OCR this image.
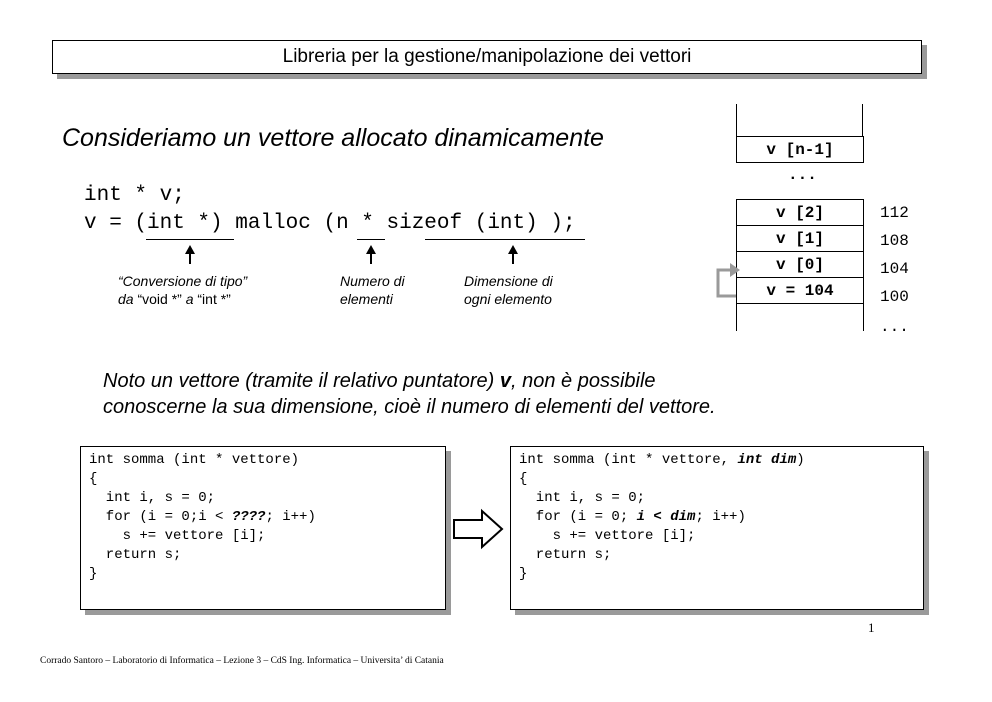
Libreria per la gestione/manipolazione dei vettori
Consideriamo un vettore allocato dinamicamente
int * v;
v = (int *) malloc (n * sizeof (int) );
“Conversione di tipo”
da “void *” a “int *”
Numero di
elementi
Dimensione di
ogni elemento
v [n-1]
...
v [2]
v [1]
v [0]
v = 104
112
108
104
100
...
Noto un vettore (tramite il relativo puntatore) v, non è possibile
conoscerne la sua dimensione, cioè il numero di elementi del vettore.
int somma (int * vettore)
{
int i, s = 0;
for (i = 0;i < ????; i++)
s += vettore [i];
return s;
}
int somma (int * vettore, int dim)
{
int i, s = 0;
for (i = 0; i < dim; i++)
s += vettore [i];
return s;
}
1
Corrado Santoro – Laboratorio di Informatica – Lezione 3 – CdS Ing. Informatica – Universita’ di Catania
